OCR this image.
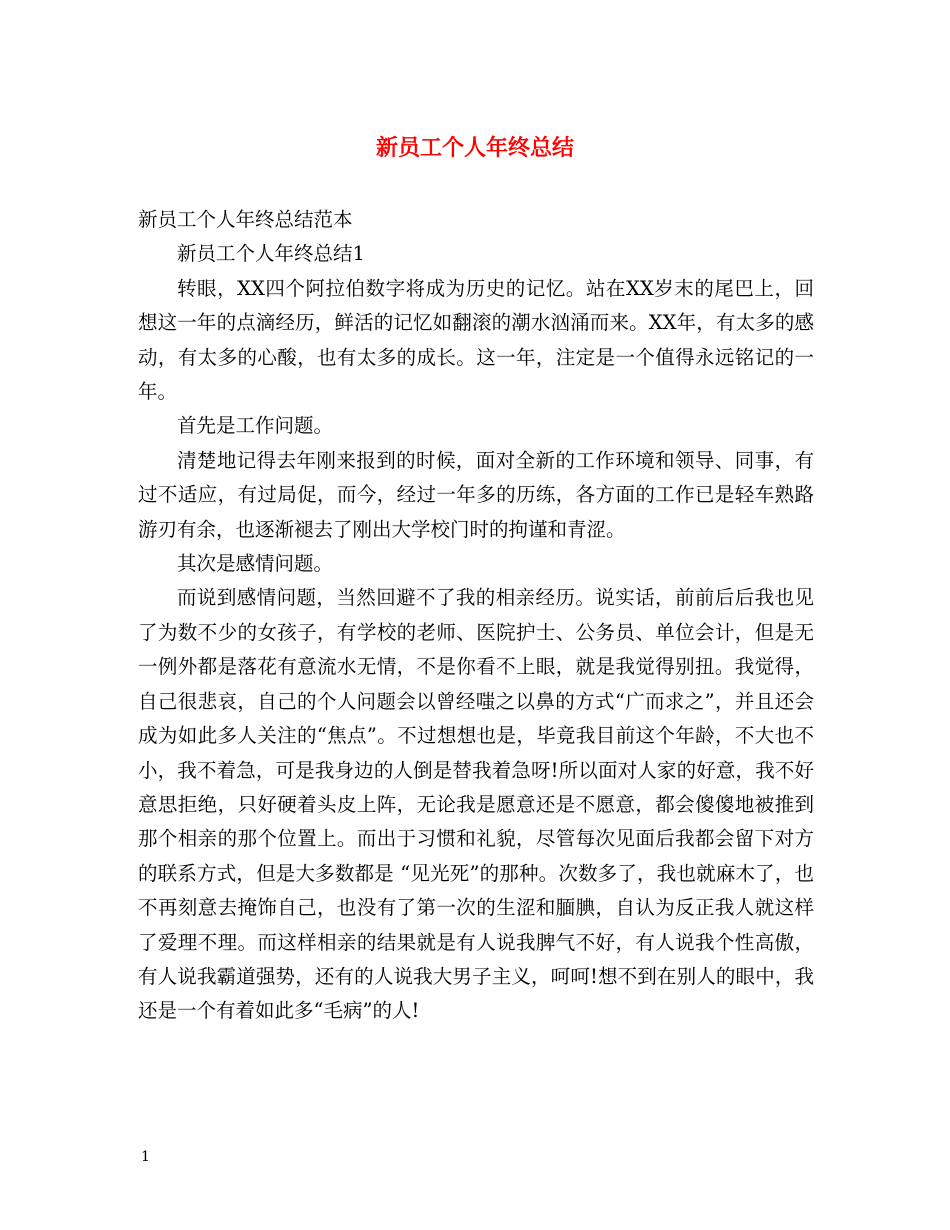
新员工个人年终总结

新员工个人年终总结范本

新员工个人年终总结1

转眼，XX四个阿拉伯数字将成为历史的记忆。站在XX岁末的尾巴上，回想这一年的点滴经历，鲜活的记忆如翻滚的潮水汹涌而来。XX年，有太多的感动，有太多的心酸，也有太多的成长。这一年，注定是一个值得永远铭记的一年。

首先是工作问题。

清楚地记得去年刚来报到的时候，面对全新的工作环境和领导、同事，有过不适应，有过局促，而今，经过一年多的历练，各方面的工作已是轻车熟路游刃有余，也逐渐褪去了刚出大学校门时的拘谨和青涩。

其次是感情问题。

而说到感情问题，当然回避不了我的相亲经历。说实话，前前后后我也见了为数不少的女孩子，有学校的老师、医院护士、公务员、单位会计，但是无一例外都是落花有意流水无情，不是你看不上眼，就是我觉得别扭。我觉得，自己很悲哀，自己的个人问题会以曾经嗤之以鼻的方式“广而求之”，并且还会成为如此多人关注的“焦点”。不过想想也是，毕竟我目前这个年龄，不大也不小，我不着急，可是我身边的人倒是替我着急呀!所以面对人家的好意，我不好意思拒绝，只好硬着头皮上阵，无论我是愿意还是不愿意，都会傻傻地被推到那个相亲的那个位置上。而出于习惯和礼貌，尽管每次见面后我都会留下对方的联系方式，但是大多数都是 “见光死”的那种。次数多了，我也就麻木了，也不再刻意去掩饰自己，也没有了第一次的生涩和腼腆，自认为反正我人就这样了爱理不理。而这样相亲的结果就是有人说我脾气不好，有人说我个性高傲，有人说我霸道强势，还有的人说我大男子主义，呵呵!想不到在别人的眼中，我还是一个有着如此多“毛病”的人!

1
